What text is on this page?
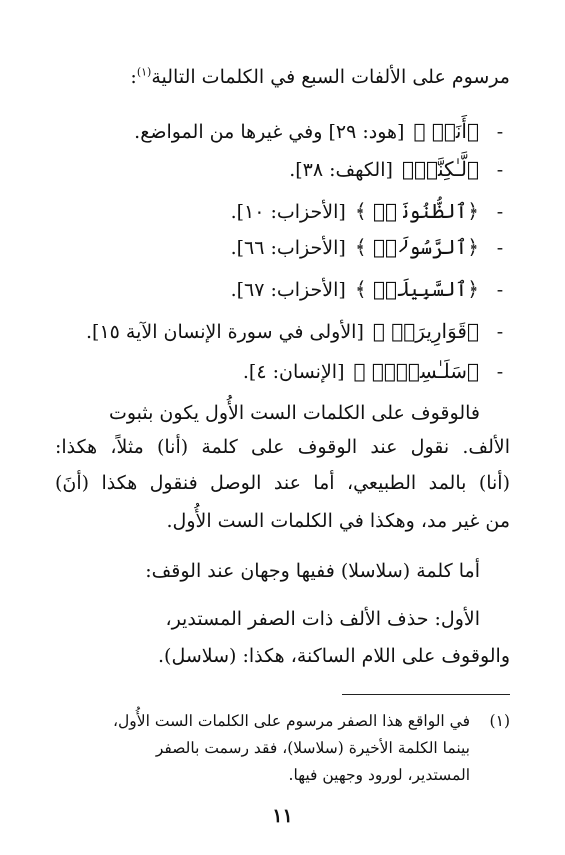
مرسوم على الألفات السبع في الكلمات التالية$^{(١)}$:
-﴿أَنَا۠ ﴾ [هود: ٢٩] وفي غيرها من المواضع.
-﴿لَّـٰكِنَّا۠﴾ [الكهف: ٣٨].
-﴿ٱلظُّنُونَا۠ ﴾ [الأحزاب: ١٠].
-﴿ٱلرَّسُولَا۠ ﴾ [الأحزاب: ٦٦].
-﴿ٱلسَّبِيلَا۠ ﴾ [الأحزاب: ٦٧].
-﴿قَوَارِيرَا۠ ﴾ [الأولى في سورة الإنسان الآية ١٥].
-﴿سَلَـٰسِلَا۠ ﴾ [الإنسان: ٤].
فالوقوف على الكلمات الست الأُول يكون بثبوت
الألف. نقول عند الوقوف على كلمة (أنا) مثلاً، هكذا:
(أنا) بالمد الطبيعي، أما عند الوصل فنقول هكذا (أنَ)
من غير مد، وهكذا في الكلمات الست الأُول.
أما كلمة (سلاسلا) ففيها وجهان عند الوقف:
الأول: حذف الألف ذات الصفر المستدير،
والوقوف على اللام الساكنة، هكذا: (سلاسل).
(١)في الواقع هذا الصفر مرسوم على الكلمات الست الأُول،
بينما الكلمة الأخيرة (سلاسلا)، فقد رسمت بالصفر
المستدير، لورود وجهين فيها.
١١
